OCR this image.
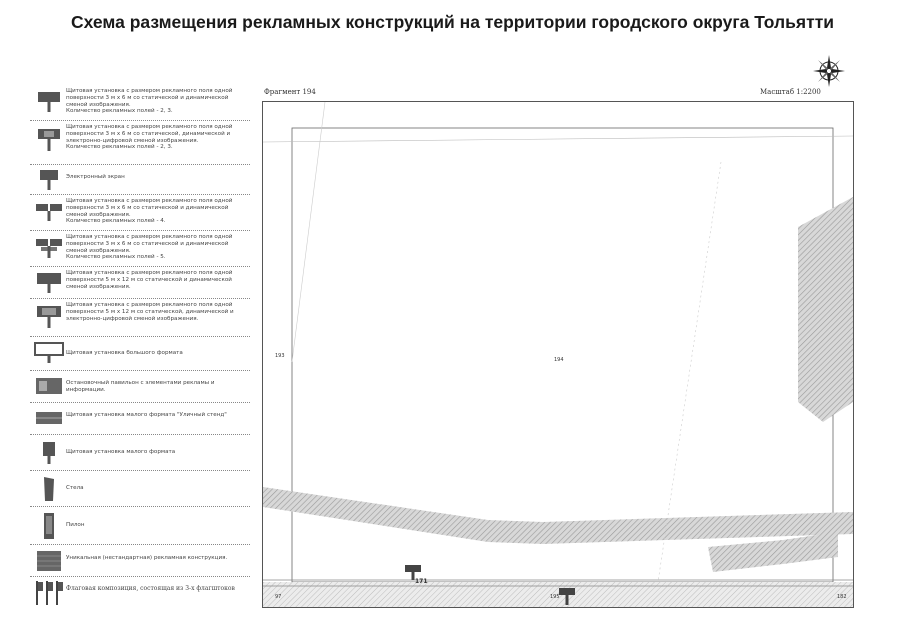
Схема размещения рекламных конструкций на территории городского округа Тольятти
Щитовая установка с размером рекламного поля одной поверхности 3 м х 6 м со статической и динамической сменой изображения.
Количество рекламных полей - 2, 3.
Щитовая установка с размером рекламного поля одной поверхности 3 м х 6 м со статической, динамической и электронно-цифровой сменой изображения.
Количество рекламных полей - 2, 3.
Электронный экран
Щитовая установка с размером рекламного поля одной поверхности 3 м х 6 м со статической и динамической сменой изображения.
Количество рекламных полей - 4.
Щитовая установка с размером рекламного поля одной поверхности 3 м х 6 м со статической и динамической сменой изображения.
Количество рекламных полей - 5.
Щитовая установка с размером рекламного поля одной поверхности 5 м х 12 м со статической и динамической сменой изображения.
Щитовая установка с размером рекламного поля одной поверхности 5 м х 12 м со статической, динамической и электронно-цифровой сменой изображения.
Щитовая установка большого формата
Остановочный павильон с элементами рекламы и информации.
Щитовая установка малого формата "Уличный стенд"
Щитовая установка малого формата
Стела
Пилон
Уникальная (нестандартная) рекламная конструкция.
Флаговая композиция, состоящая из 3-х флагштоков
Фрагмент 194	Масштаб 1:2200
194
193
97	182
195
171
